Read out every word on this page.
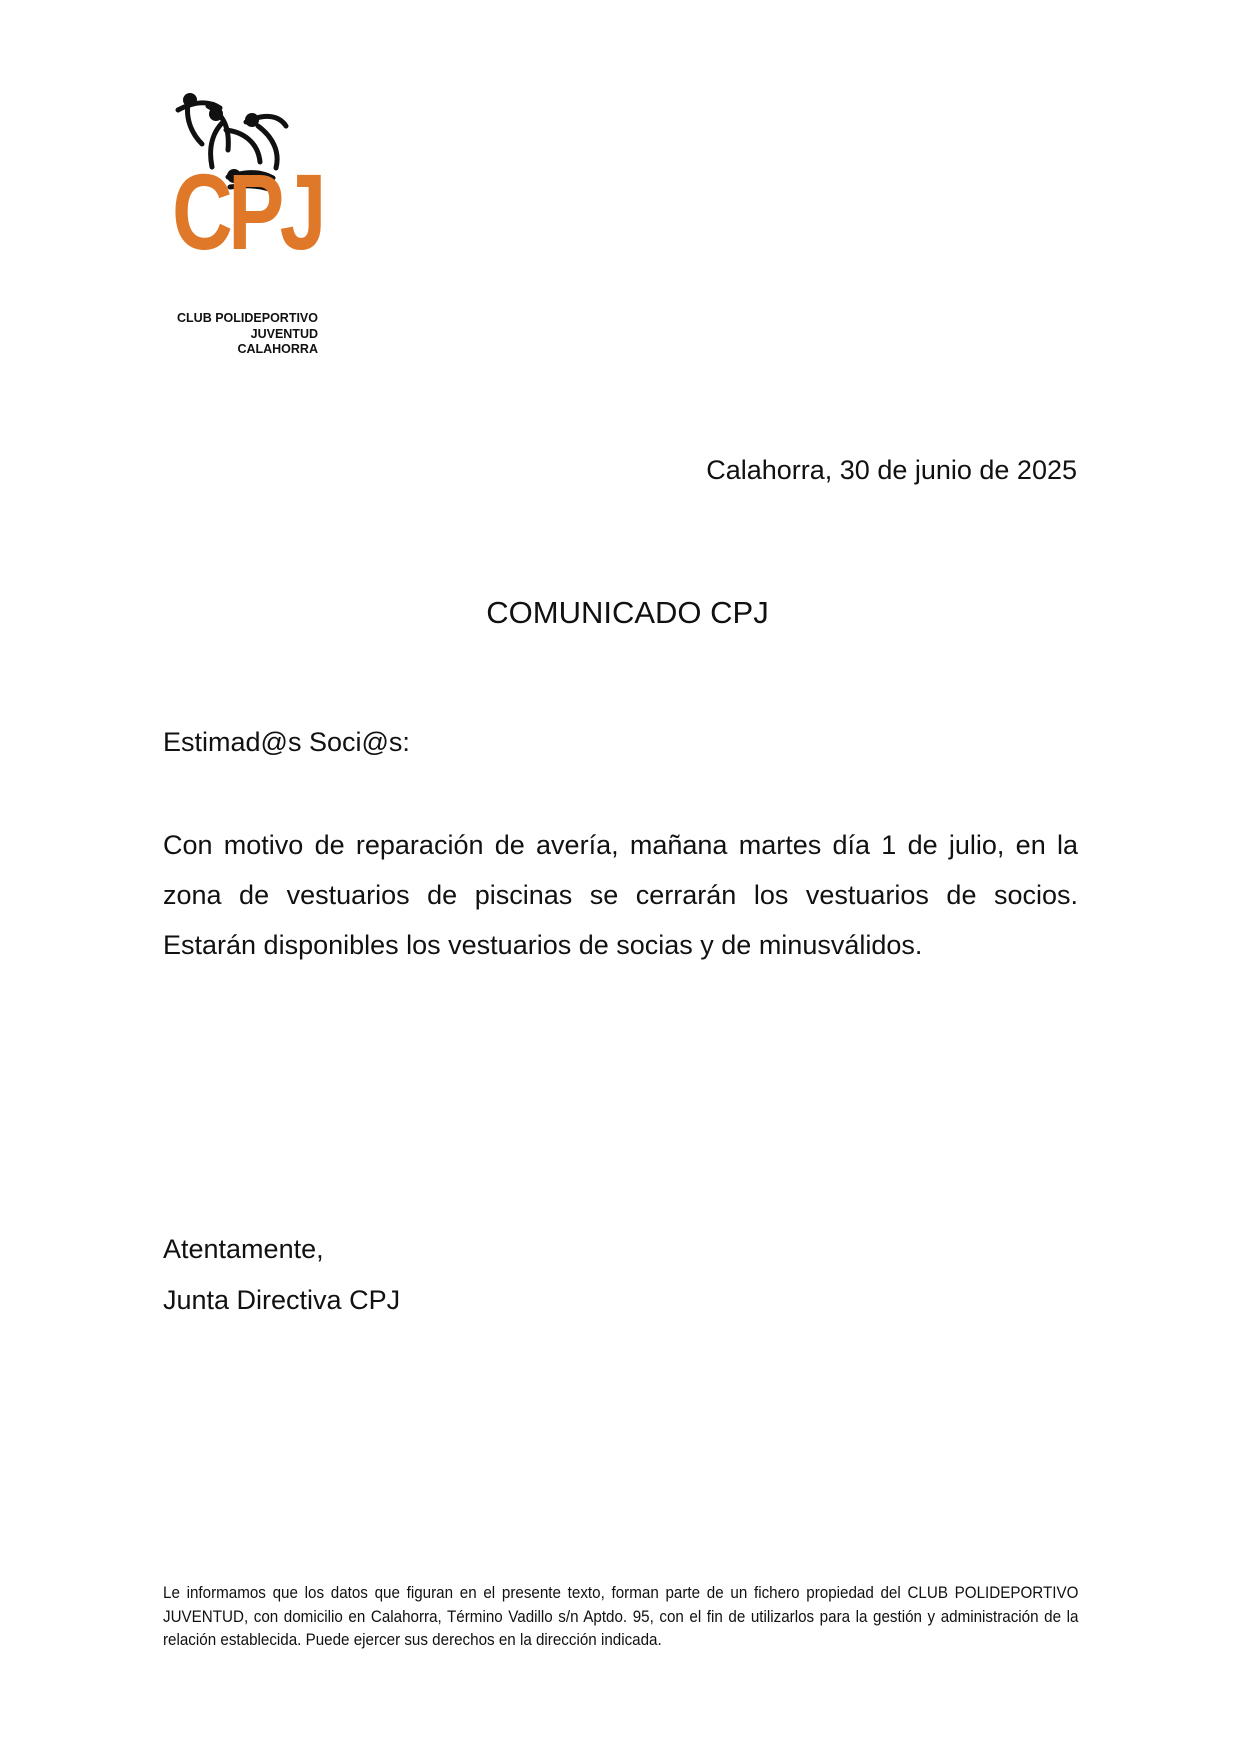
CPJ
CLUB POLIDEPORTIVO
JUVENTUD
CALAHORRA
Calahorra, 30 de junio de 2025
COMUNICADO CPJ
Estimad@s Soci@s:
Con motivo de reparación de avería, mañana martes día 1 de julio, en la zona de vestuarios de piscinas se cerrarán los vestuarios de socios. Estarán disponibles los vestuarios de socias y de minusválidos.
Atentamente,
Junta Directiva CPJ
Le informamos que los datos que figuran en el presente texto, forman parte de un fichero propiedad del CLUB POLIDEPORTIVO JUVENTUD, con domicilio en Calahorra, Término Vadillo s/n Aptdo. 95, con el fin de utilizarlos para la gestión y administración de la relación establecida. Puede ejercer sus derechos en la dirección indicada.
